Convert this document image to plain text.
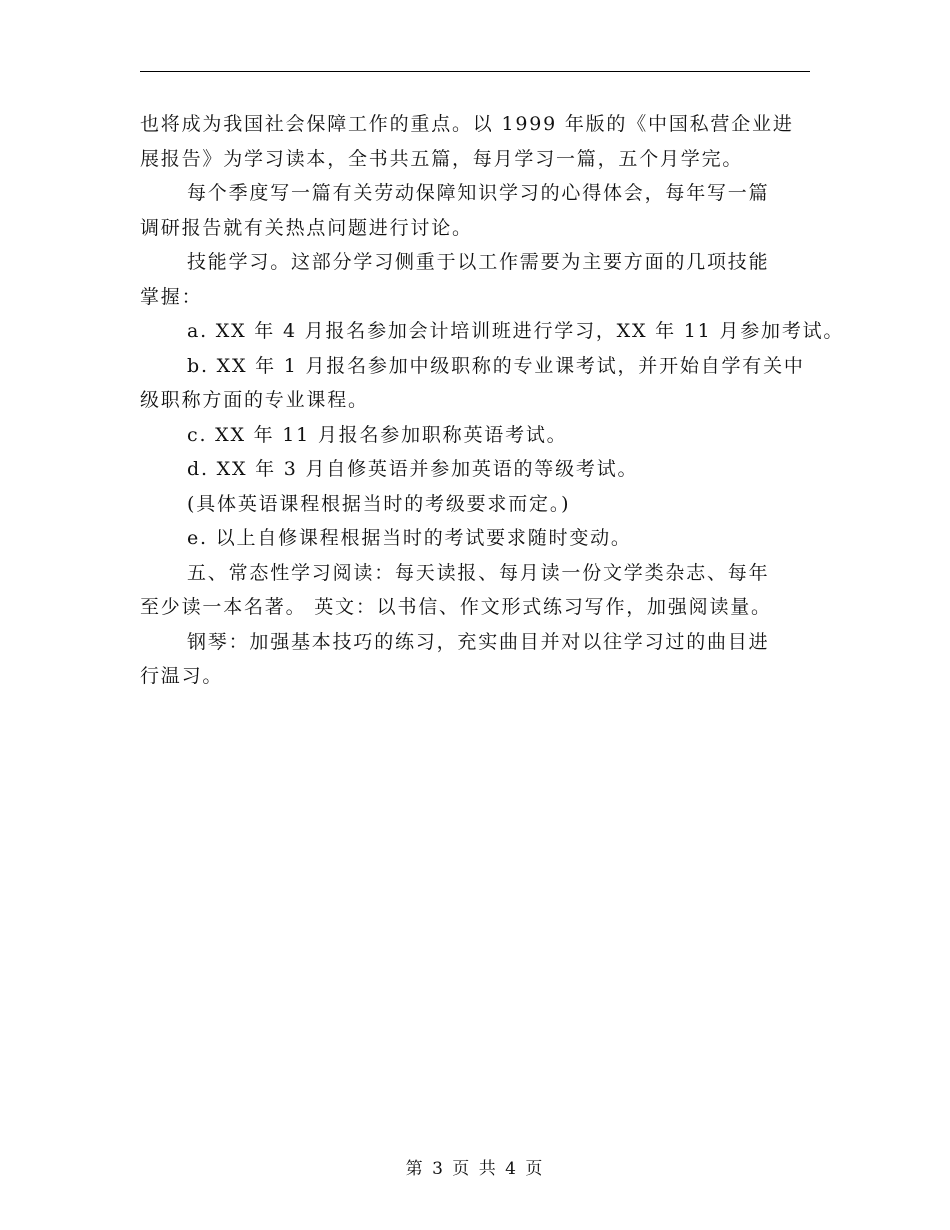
也将成为我国社会保障工作的重点。以 1999 年版的《中国私营企业进
展报告》为学习读本，全书共五篇，每月学习一篇，五个月学完。
每个季度写一篇有关劳动保障知识学习的心得体会，每年写一篇
调研报告就有关热点问题进行讨论。
技能学习。这部分学习侧重于以工作需要为主要方面的几项技能
掌握：
a. XX 年 4 月报名参加会计培训班进行学习，XX 年 11 月参加考试。
b. XX 年 1 月报名参加中级职称的专业课考试，并开始自学有关中
级职称方面的专业课程。
c. XX 年 11 月报名参加职称英语考试。
d. XX 年 3 月自修英语并参加英语的等级考试。
(具体英语课程根据当时的考级要求而定。)
e. 以上自修课程根据当时的考试要求随时变动。
五、常态性学习阅读：每天读报、每月读一份文学类杂志、每年
至少读一本名著。 英文：以书信、作文形式练习写作，加强阅读量。
钢琴：加强基本技巧的练习，充实曲目并对以往学习过的曲目进
行温习。
第 3 页 共 4 页
